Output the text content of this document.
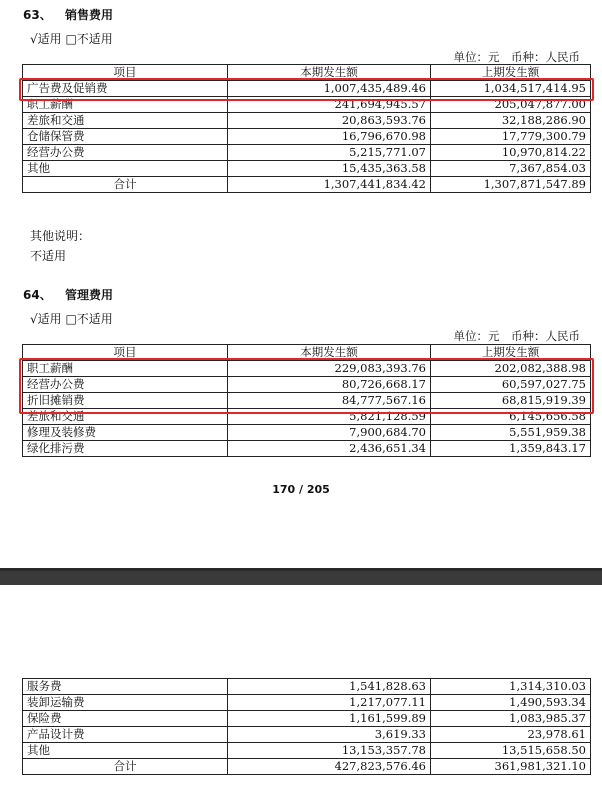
63、 销售费用
√适用 □不适用
单位：元　币种：人民币
项目	本期发生额	上期发生额
广告费及促销费	1,007,435,489.46	1,034,517,414.95
职工薪酬	241,694,945.57	205,047,877.00
差旅和交通	20,863,593.76	32,188,286.90
仓储保管费	16,796,670.98	17,779,300.79
经营办公费	5,215,771.07	10,970,814.22
其他	15,435,363.58	7,367,854.03
合计	1,307,441,834.42	1,307,871,547.89
其他说明：
不适用
64、 管理费用
√适用 □不适用
单位：元　币种：人民币
项目	本期发生额	上期发生额
职工薪酬	229,083,393.76	202,082,388.98
经营办公费	80,726,668.17	60,597,027.75
折旧摊销费	84,777,567.16	68,815,919.39
差旅和交通	5,821,128.59	6,145,656.58
修理及装修费	7,900,684.70	5,551,959.38
绿化排污费	2,436,651.34	1,359,843.17
170 / 205
服务费	1,541,828.63	1,314,310.03
装卸运输费	1,217,077.11	1,490,593.34
保险费	1,161,599.89	1,083,985.37
产品设计费	3,619.33	23,978.61
其他	13,153,357.78	13,515,658.50
合计	427,823,576.46	361,981,321.10
